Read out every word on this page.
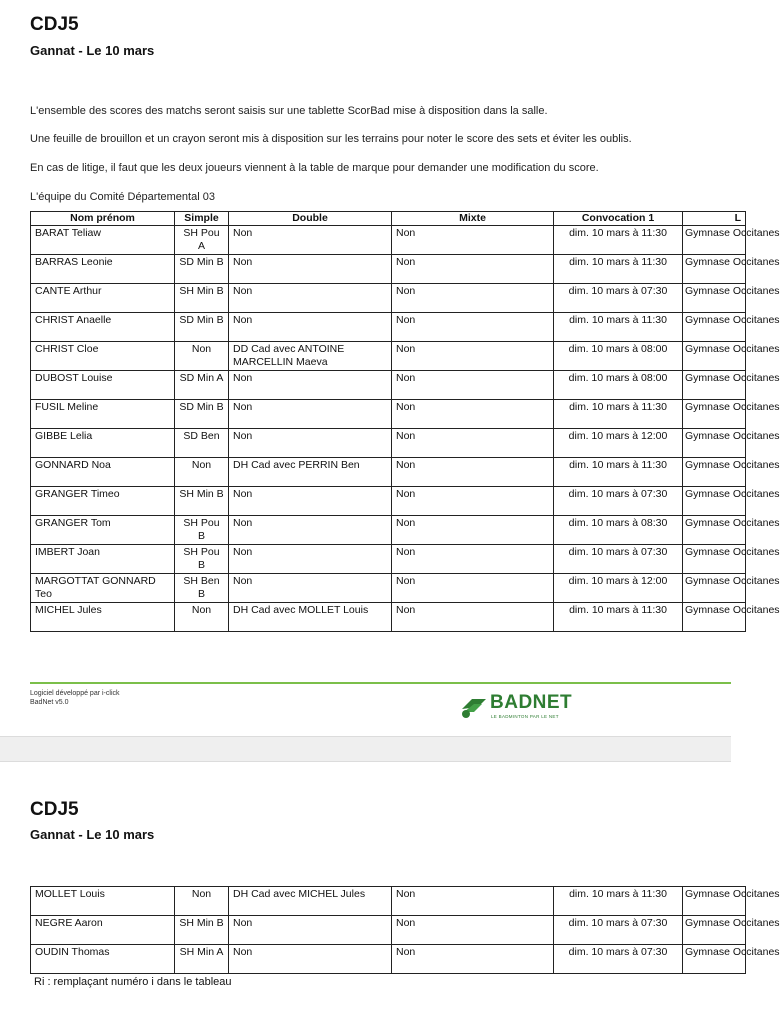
CDJ5
Gannat - Le 10 mars
L'ensemble des scores des matchs seront saisis sur une tablette ScorBad mise à disposition dans la salle.
Une feuille de brouillon et un crayon seront mis à disposition sur les terrains pour noter le score des sets et éviter les oublis.
En cas de litige, il faut que les deux joueurs viennent à la table de marque pour demander une modification du score.
L'équipe du Comité Départemental 03
Nom prénom	Simple	Double	Mixte	Convocation 1	L
BARAT Teliaw	SH Pou A	Non	Non	dim. 10 mars à 11:30	Gymnase Occitanes
BARRAS Leonie	SD Min B	Non	Non	dim. 10 mars à 11:30	Gymnase Occitanes
CANTE Arthur	SH Min B	Non	Non	dim. 10 mars à 07:30	Gymnase Occitanes
CHRIST Anaelle	SD Min B	Non	Non	dim. 10 mars à 11:30	Gymnase Occitanes
CHRIST Cloe	Non	DD Cad avec ANTOINE MARCELLIN Maeva	Non	dim. 10 mars à 08:00	Gymnase Occitanes
DUBOST Louise	SD Min A	Non	Non	dim. 10 mars à 08:00	Gymnase Occitanes
FUSIL Meline	SD Min B	Non	Non	dim. 10 mars à 11:30	Gymnase Occitanes
GIBBE Lelia	SD Ben	Non	Non	dim. 10 mars à 12:00	Gymnase Occitanes
GONNARD Noa	Non	DH Cad avec PERRIN Ben	Non	dim. 10 mars à 11:30	Gymnase Occitanes
GRANGER Timeo	SH Min B	Non	Non	dim. 10 mars à 07:30	Gymnase Occitanes
GRANGER Tom	SH Pou B	Non	Non	dim. 10 mars à 08:30	Gymnase Occitanes
IMBERT Joan	SH Pou B	Non	Non	dim. 10 mars à 07:30	Gymnase Occitanes
MARGOTTAT GONNARD Teo	SH Ben B	Non	Non	dim. 10 mars à 12:00	Gymnase Occitanes
MICHEL Jules	Non	DH Cad avec MOLLET Louis	Non	dim. 10 mars à 11:30	Gymnase Occitanes
Logiciel développé par i-click
BadNet v5.0	BADNET
LE BADMINTON PAR LE NET
CDJ5
Gannat - Le 10 mars
MOLLET Louis	Non	DH Cad avec MICHEL Jules	Non	dim. 10 mars à 11:30	Gymnase Occitanes
NEGRE Aaron	SH Min B	Non	Non	dim. 10 mars à 07:30	Gymnase Occitanes
OUDIN Thomas	SH Min A	Non	Non	dim. 10 mars à 07:30	Gymnase Occitanes
Ri : remplaçant numéro i dans le tableau
